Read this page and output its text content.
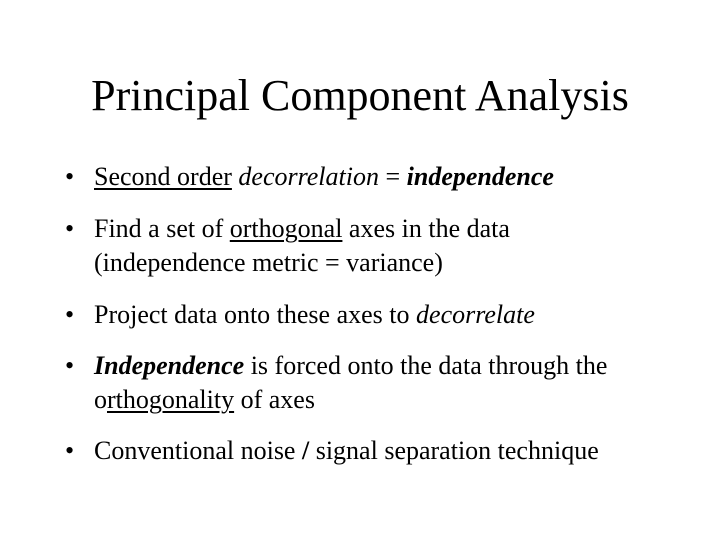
Principal Component Analysis
• Second order decorrelation = independence
• Find a set of orthogonal axes in the data
(independence metric = variance)
• Project data onto these axes to decorrelate
• Independence is forced onto the data through the
orthogonality of axes
• Conventional noise / signal separation technique
